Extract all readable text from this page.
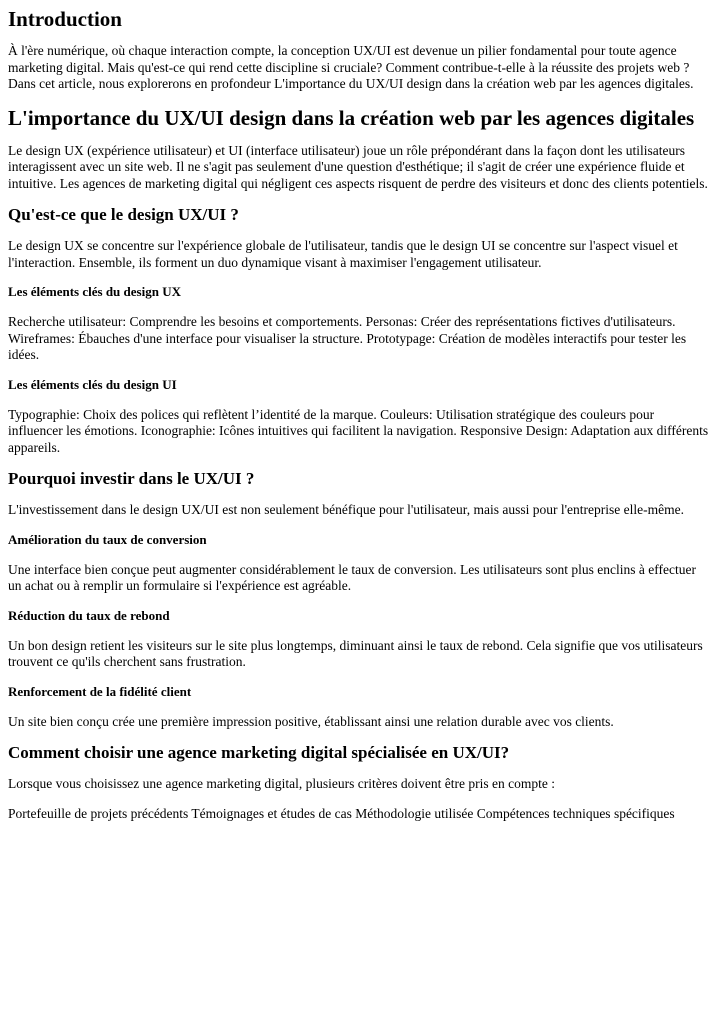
Introduction

À l'ère numérique, où chaque interaction compte, la conception UX/UI est devenue un pilier fondamental pour toute agence marketing digital. Mais qu'est-ce qui rend cette discipline si cruciale? Comment contribue-t-elle à la réussite des projets web ? Dans cet article, nous explorerons en profondeur L'importance du UX/UI design dans la création web par les agences digitales.

L'importance du UX/UI design dans la création web par les agences digitales

Le design UX (expérience utilisateur) et UI (interface utilisateur) joue un rôle prépondérant dans la façon dont les utilisateurs interagissent avec un site web. Il ne s'agit pas seulement d'une question d'esthétique; il s'agit de créer une expérience fluide et intuitive. Les agences de marketing digital qui négligent ces aspects risquent de perdre des visiteurs et donc des clients potentiels.

Qu'est-ce que le design UX/UI ?

Le design UX se concentre sur l'expérience globale de l'utilisateur, tandis que le design UI se concentre sur l'aspect visuel et l'interaction. Ensemble, ils forment un duo dynamique visant à maximiser l'engagement utilisateur.

Les éléments clés du design UX

Recherche utilisateur: Comprendre les besoins et comportements. Personas: Créer des représentations fictives d'utilisateurs. Wireframes: Ébauches d'une interface pour visualiser la structure. Prototypage: Création de modèles interactifs pour tester les idées.

Les éléments clés du design UI

Typographie: Choix des polices qui reflètent l’identité de la marque. Couleurs: Utilisation stratégique des couleurs pour influencer les émotions. Iconographie: Icônes intuitives qui facilitent la navigation. Responsive Design: Adaptation aux différents appareils.

Pourquoi investir dans le UX/UI ?

L'investissement dans le design UX/UI est non seulement bénéfique pour l'utilisateur, mais aussi pour l'entreprise elle-même.

Amélioration du taux de conversion

Une interface bien conçue peut augmenter considérablement le taux de conversion. Les utilisateurs sont plus enclins à effectuer un achat ou à remplir un formulaire si l'expérience est agréable.

Réduction du taux de rebond

Un bon design retient les visiteurs sur le site plus longtemps, diminuant ainsi le taux de rebond. Cela signifie que vos utilisateurs trouvent ce qu'ils cherchent sans frustration.

Renforcement de la fidélité client

Un site bien conçu crée une première impression positive, établissant ainsi une relation durable avec vos clients.

Comment choisir une agence marketing digital spécialisée en UX/UI?

Lorsque vous choisissez une agence marketing digital, plusieurs critères doivent être pris en compte :

Portefeuille de projets précédents Témoignages et études de cas Méthodologie utilisée Compétences techniques spécifiques
